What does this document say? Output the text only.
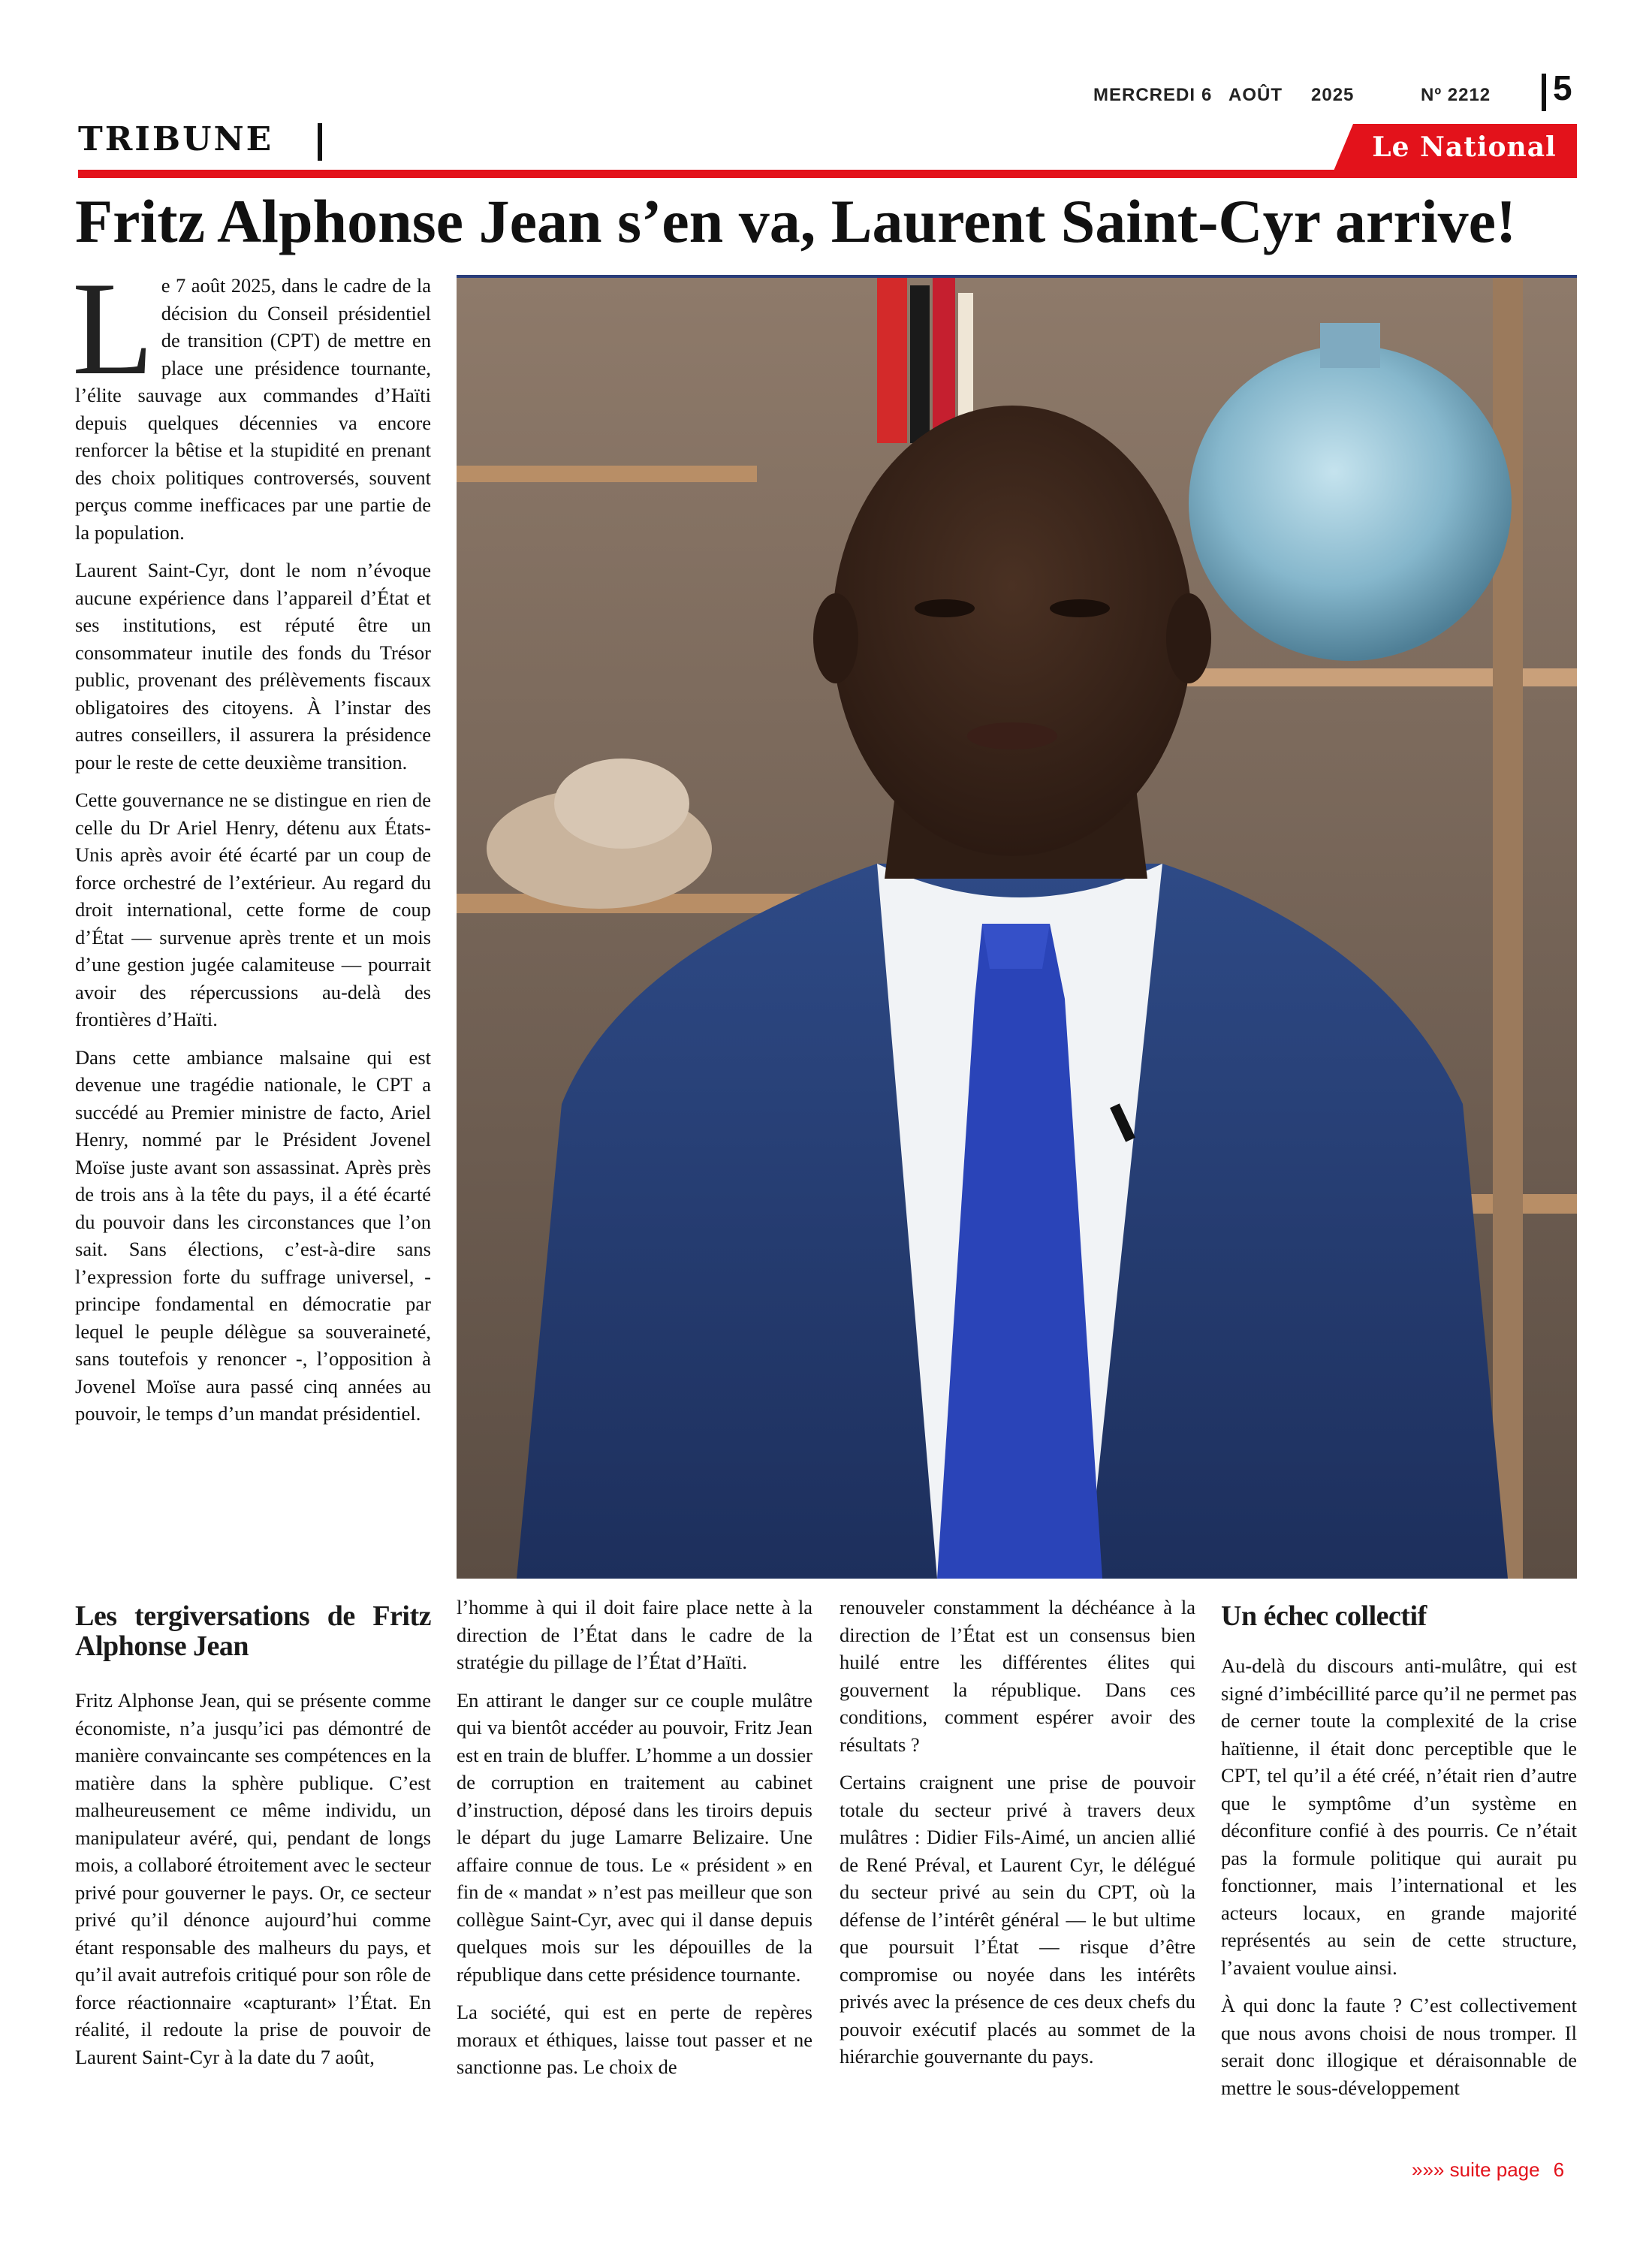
MERCREDI 6 AOÛT 2025	Nº 2212 5
TRIBUNE	Le National
Fritz Alphonse Jean s’en va, Laurent Saint-Cyr arrive!

Le 7 août 2025, dans le cadre de la décision du Conseil présidentiel de transition (CPT) de mettre en place une présidence tournante, l’élite sauvage aux commandes d’Haïti depuis quelques décennies va encore renforcer la bêtise et la stupidité en prenant des choix politiques controversés, souvent perçus comme inefficaces par une partie de la population.

Laurent Saint-Cyr, dont le nom n’évoque aucune expérience dans l’appareil d’État et ses institutions, est réputé être un consommateur inutile des fonds du Trésor public, provenant des prélèvements fiscaux obligatoires des citoyens. À l’instar des autres conseillers, il assurera la présidence pour le reste de cette deuxième transition.

Cette gouvernance ne se distingue en rien de celle du Dr Ariel Henry, détenu aux États-Unis après avoir été écarté par un coup de force orchestré de l’extérieur. Au regard du droit international, cette forme de coup d’État — survenue après trente et un mois d’une gestion jugée calamiteuse — pourrait avoir des répercussions au-delà des frontières d’Haïti.

Dans cette ambiance malsaine qui est devenue une tragédie nationale, le CPT a succédé au Premier ministre de facto, Ariel Henry, nommé par le Président Jovenel Moïse juste avant son assassinat. Après près de trois ans à la tête du pays, il a été écarté du pouvoir dans les circonstances que l’on sait. Sans élections, c’est-à-dire sans l’expression forte du suffrage universel, - principe fondamental en démocratie par lequel le peuple délègue sa souveraineté, sans toutefois y renoncer -, l’opposition à Jovenel Moïse aura passé cinq années au pouvoir, le temps d’un mandat présidentiel.

Les tergiversations de Fritz Alphonse Jean

Fritz Alphonse Jean, qui se présente comme économiste, n’a jusqu’ici pas démontré de manière convaincante ses compétences en la matière dans la sphère publique. C’est malheureusement ce même individu, un manipulateur avéré, qui, pendant de longs mois, a collaboré étroitement avec le secteur privé pour gouverner le pays. Or, ce secteur privé qu’il dénonce aujourd’hui comme étant responsable des malheurs du pays, et qu’il avait autrefois critiqué pour son rôle de force réactionnaire «capturant» l’État. En réalité, il redoute la prise de pouvoir de Laurent Saint-Cyr à la date du 7 août,

l’homme à qui il doit faire place nette à la direction de l’État dans le cadre de la stratégie du pillage de l’État d’Haïti.

En attirant le danger sur ce couple mulâtre qui va bientôt accéder au pouvoir, Fritz Jean est en train de bluffer. L’homme a un dossier de corruption en traitement au cabinet d’instruction, déposé dans les tiroirs depuis le départ du juge Lamarre Belizaire. Une affaire connue de tous. Le « président » en fin de « mandat » n’est pas meilleur que son collègue Saint-Cyr, avec qui il danse depuis quelques mois sur les dépouilles de la république dans cette présidence tournante.

La société, qui est en perte de repères moraux et éthiques, laisse tout passer et ne sanctionne pas. Le choix de

renouveler constamment la déchéance à la direction de l’État est un consensus bien huilé entre les différentes élites qui gouvernent la république. Dans ces conditions, comment espérer avoir des résultats ?

Certains craignent une prise de pouvoir totale du secteur privé à travers deux mulâtres : Didier Fils-Aimé, un ancien allié de René Préval, et Laurent Cyr, le délégué du secteur privé au sein du CPT, où la défense de l’intérêt général — le but ultime que poursuit l’État — risque d’être compromise ou noyée dans les intérêts privés avec la présence de ces deux chefs du pouvoir exécutif placés au sommet de la hiérarchie gouvernante du pays.

Un échec collectif

Au-delà du discours anti-mulâtre, qui est signé d’imbécillité parce qu’il ne permet pas de cerner toute la complexité de la crise haïtienne, il était donc perceptible que le CPT, tel qu’il a été créé, n’était rien d’autre que le symptôme d’un système en déconfiture confié à des pourris. Ce n’était pas la formule politique qui aurait pu fonctionner, mais l’international et les acteurs locaux, en grande majorité représentés au sein de cette structure, l’avaient voulue ainsi.

À qui donc la faute ? C’est collectivement que nous avons choisi de nous tromper. Il serait donc illogique et déraisonnable de mettre le sous-développement

»»» suite page 6
